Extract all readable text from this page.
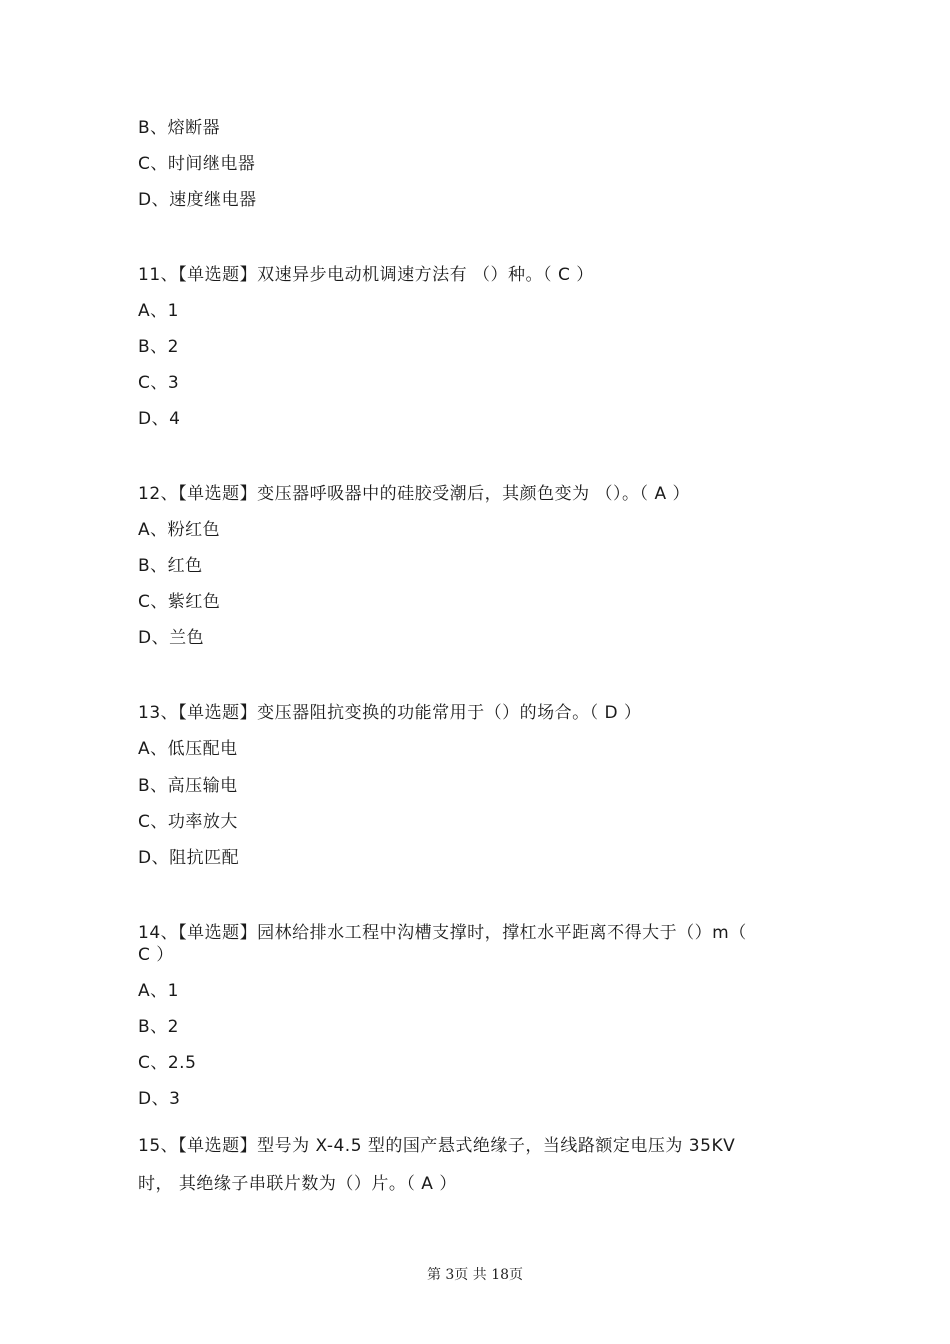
B、熔断器
C、时间继电器
D、速度继电器
11、【单选题】双速异步电动机调速方法有 （）种。（ C ）
A、1
B、2
C、3
D、4
12、【单选题】变压器呼吸器中的硅胶受潮后，其颜色变为 （）。（ A ）
A、粉红色
B、红色
C、紫红色
D、兰色
13、【单选题】变压器阻抗变换的功能常用于（）的场合。（ D ）
A、低压配电
B、高压输电
C、功率放大
D、阻抗匹配
14、【单选题】园林给排水工程中沟槽支撑时，撑杠水平距离不得大于（）m（
C ）
A、1
B、2
C、2.5
D、3
15、【单选题】型号为 X-4.5 型的国产悬式绝缘子，当线路额定电压为 35KV
时， 其绝缘子串联片数为（）片。（ A ）
第 3页 共 18页
